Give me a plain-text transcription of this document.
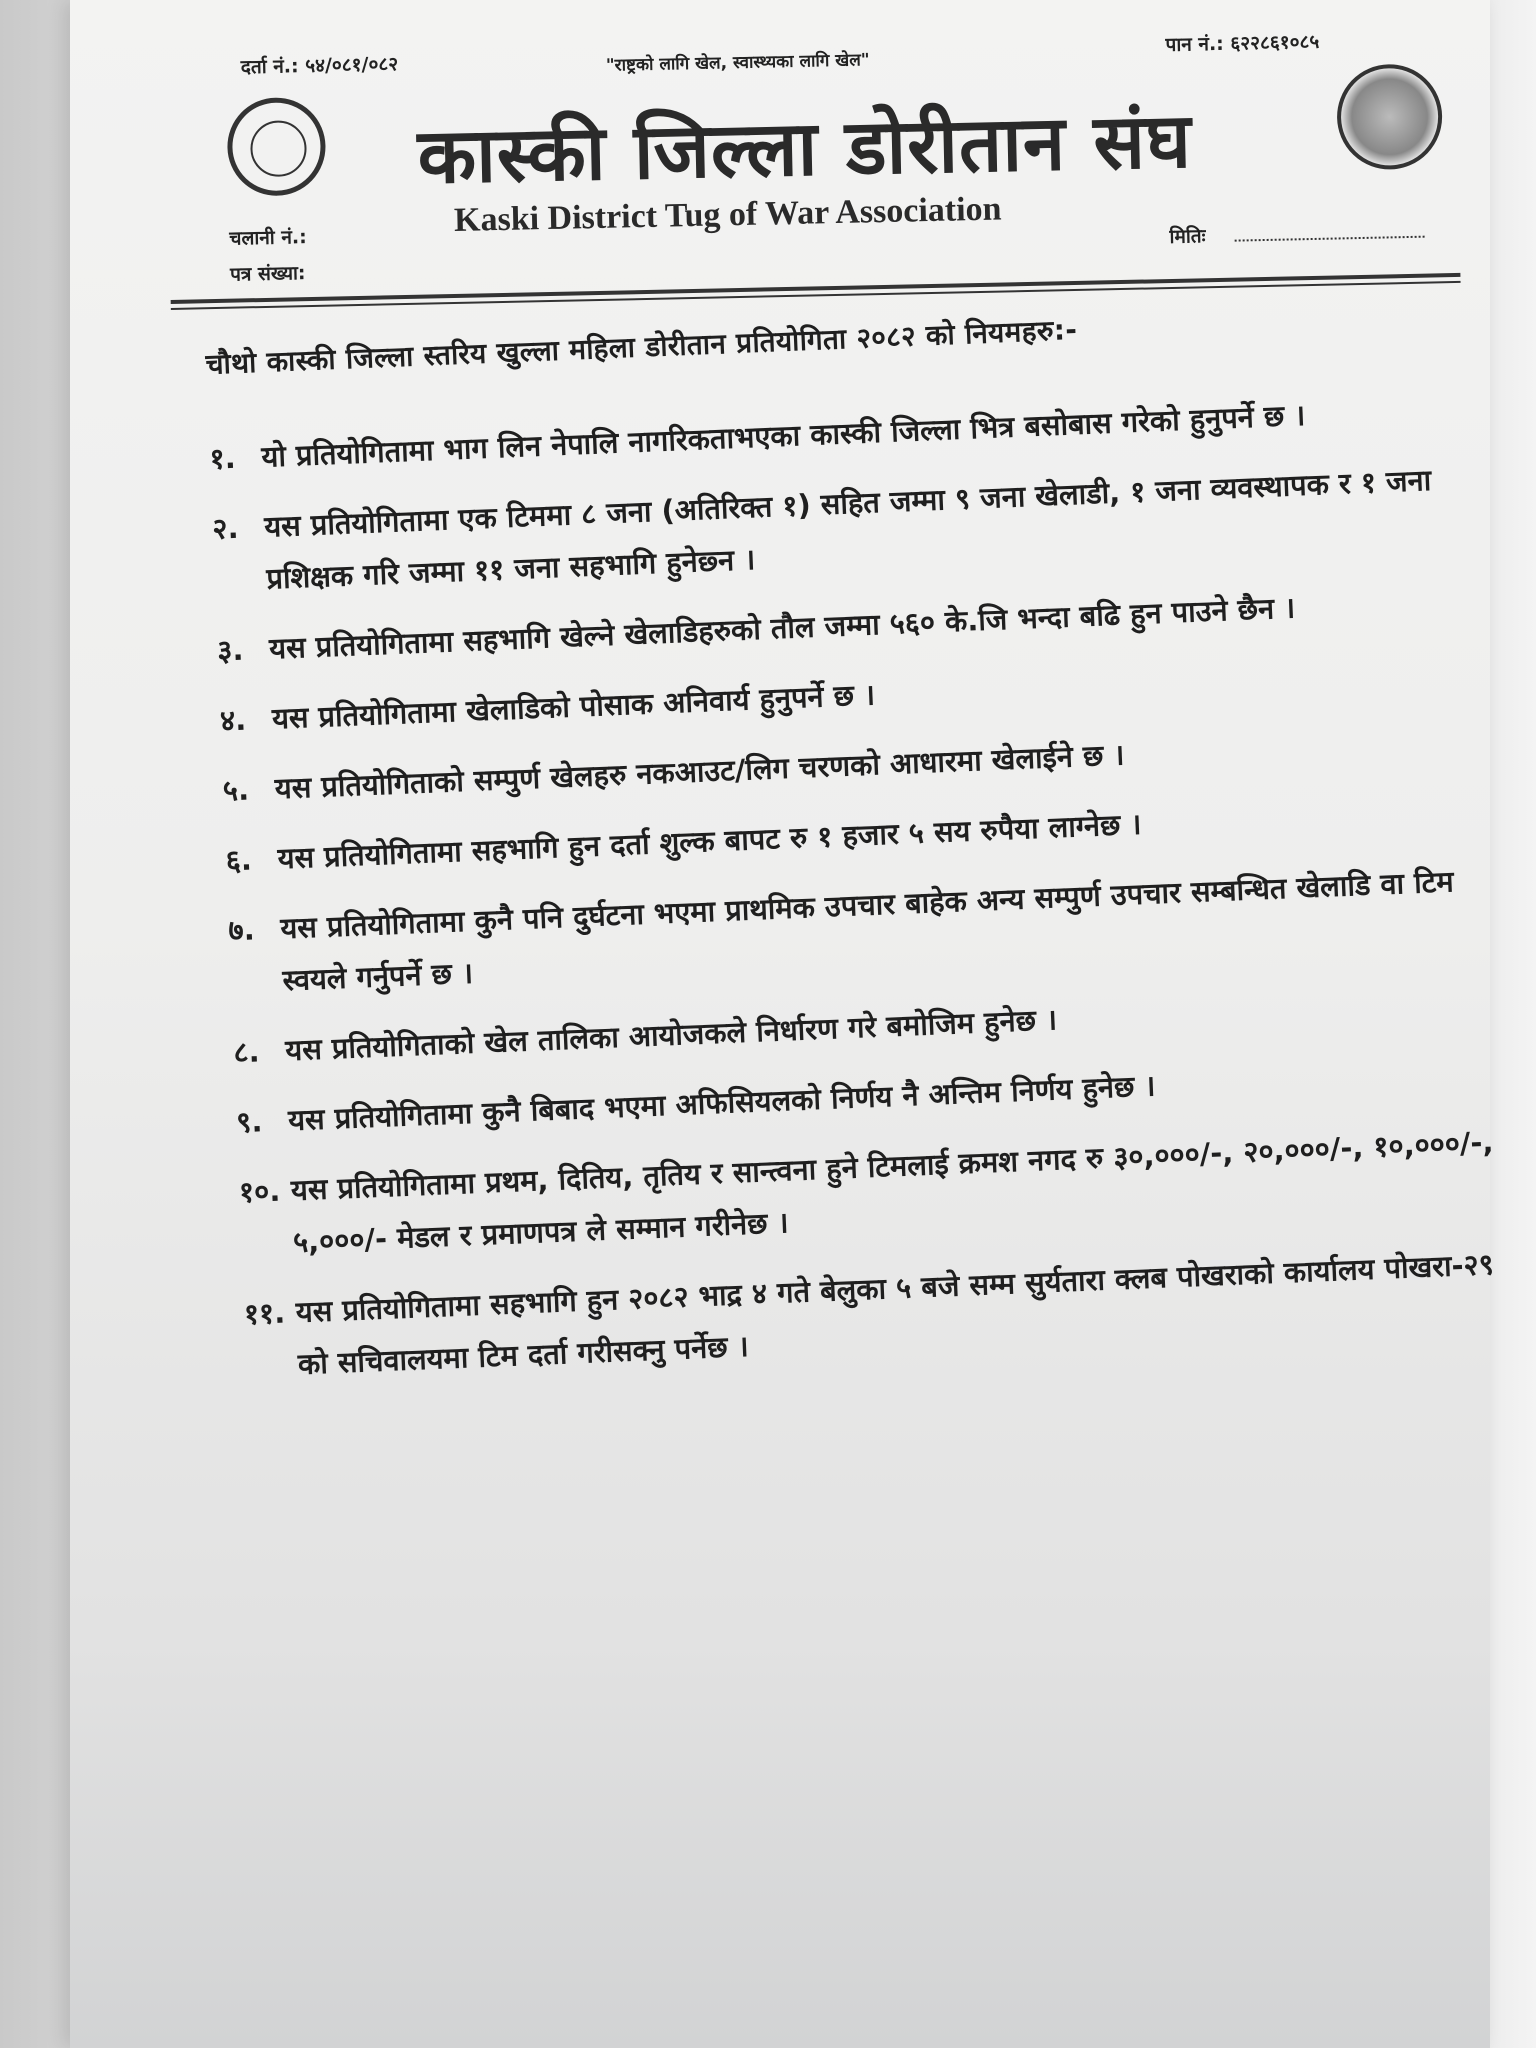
दर्ता नं.: ५४/०८१/०८२	"राष्ट्रको लागि खेल, स्वास्थ्यका लागि खेल"
पान नं.: ६२२८६१०८५
कास्की जिल्ला डोरीतान संघ
Kaski District Tug of War Association
चलानी नं.:
पत्र संख्या:
मितिः
चौथो कास्की जिल्ला स्तरिय खुल्ला महिला डोरीतान प्रतियोगिता २०८२ को नियमहरु:-
१. यो प्रतियोगितामा भाग लिन नेपालि नागरिकताभएका कास्की जिल्ला भित्र बसोबास गरेको हुनुपर्ने छ ।
२. यस प्रतियोगितामा एक टिममा ८ जना (अतिरिक्त १) सहित जम्मा ९ जना खेलाडी, १ जना व्यवस्थापक र १ जना प्रशिक्षक गरि जम्मा ११ जना सहभागि हुनेछ्न ।
३. यस प्रतियोगितामा सहभागि खेल्ने खेलाडिहरुको तौल जम्मा ५६० के.जि भन्दा बढि हुन पाउने छैन ।
४. यस प्रतियोगितामा खेलाडिको पोसाक अनिवार्य हुनुपर्ने छ ।
५. यस प्रतियोगिताको सम्पुर्ण खेलहरु नकआउट/लिग चरणको आधारमा खेलाईने छ ।
६. यस प्रतियोगितामा सहभागि हुन दर्ता शुल्क बापट रु १ हजार ५ सय रुपैया लाग्नेछ ।
७. यस प्रतियोगितामा कुनै पनि दुर्घटना भएमा प्राथमिक उपचार बाहेक अन्य सम्पुर्ण उपचार सम्बन्धित खेलाडि वा टिम स्वयले गर्नुपर्ने छ ।
८. यस प्रतियोगिताको खेल तालिका आयोजकले निर्धारण गरे बमोजिम हुनेछ ।
९. यस प्रतियोगितामा कुनै बिबाद भएमा अफिसियलको निर्णय नै अन्तिम निर्णय हुनेछ ।
१०. यस प्रतियोगितामा प्रथम, दितिय, तृतिय र सान्त्वना हुने टिमलाई क्रमश नगद रु ३०,०००/-, २०,०००/-, १०,०००/-, ५,०००/- मेडल र प्रमाणपत्र ले सम्मान गरीनेछ ।
११. यस प्रतियोगितामा सहभागि हुन २०८२ भाद्र ४ गते बेलुका ५ बजे सम्म सुर्यतारा क्लब पोखराको कार्यालय पोखरा-२९ को सचिवालयमा टिम दर्ता गरीसक्नु पर्नेछ ।
